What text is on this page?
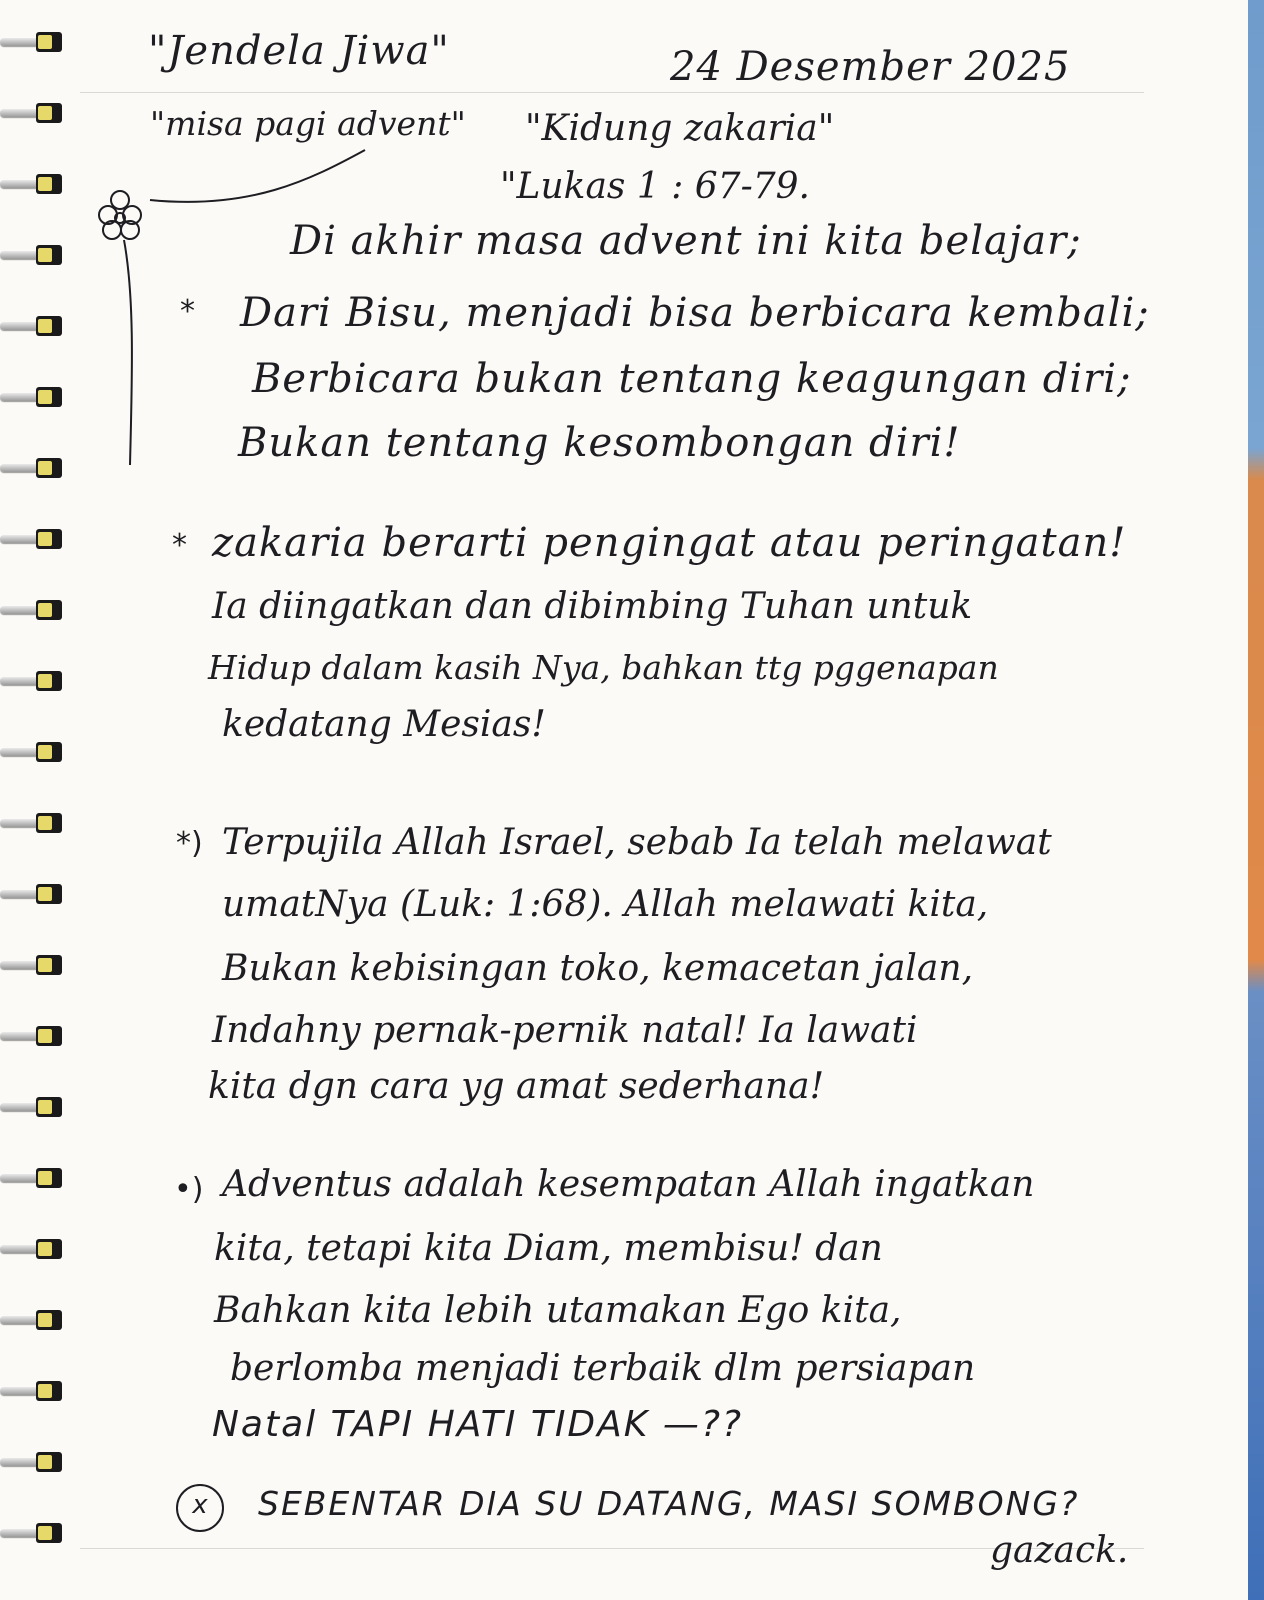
"Jendela Jiwa"	24 Desember 2025
"misa pagi advent" "Kidung zakaria"
"Lukas 1 : 67-79.
Di akhir masa advent ini kita belajar;
* Dari Bisu, menjadi bisa berbicara kembali;
Berbicara bukan tentang keagungan diri;
Bukan tentang kesombongan diri!
* zakaria berarti pengingat atau peringatan!
Ia diingatkan dan dibimbing Tuhan untuk
Hidup dalam kasih Nya, bahkan ttg pggenapan
kedatang Mesias!
*) Terpujila Allah Israel, sebab Ia telah melawat
umatNya (Luk: 1:68). Allah melawati kita,
Bukan kebisingan toko, kemacetan jalan,
Indahny pernak-pernik natal! Ia lawati
kita dgn cara yg amat sederhana!
•) Adventus adalah kesempatan Allah ingatkan
kita, tetapi kita Diam, membisu! dan
Bahkan kita lebih utamakan Ego kita,
berlomba menjadi terbaik dlm persiapan
Natal TAPI HATI TIDAK —??
x	SEBENTAR DIA SU DATANG, MASI SOMBONG?
gazack.
